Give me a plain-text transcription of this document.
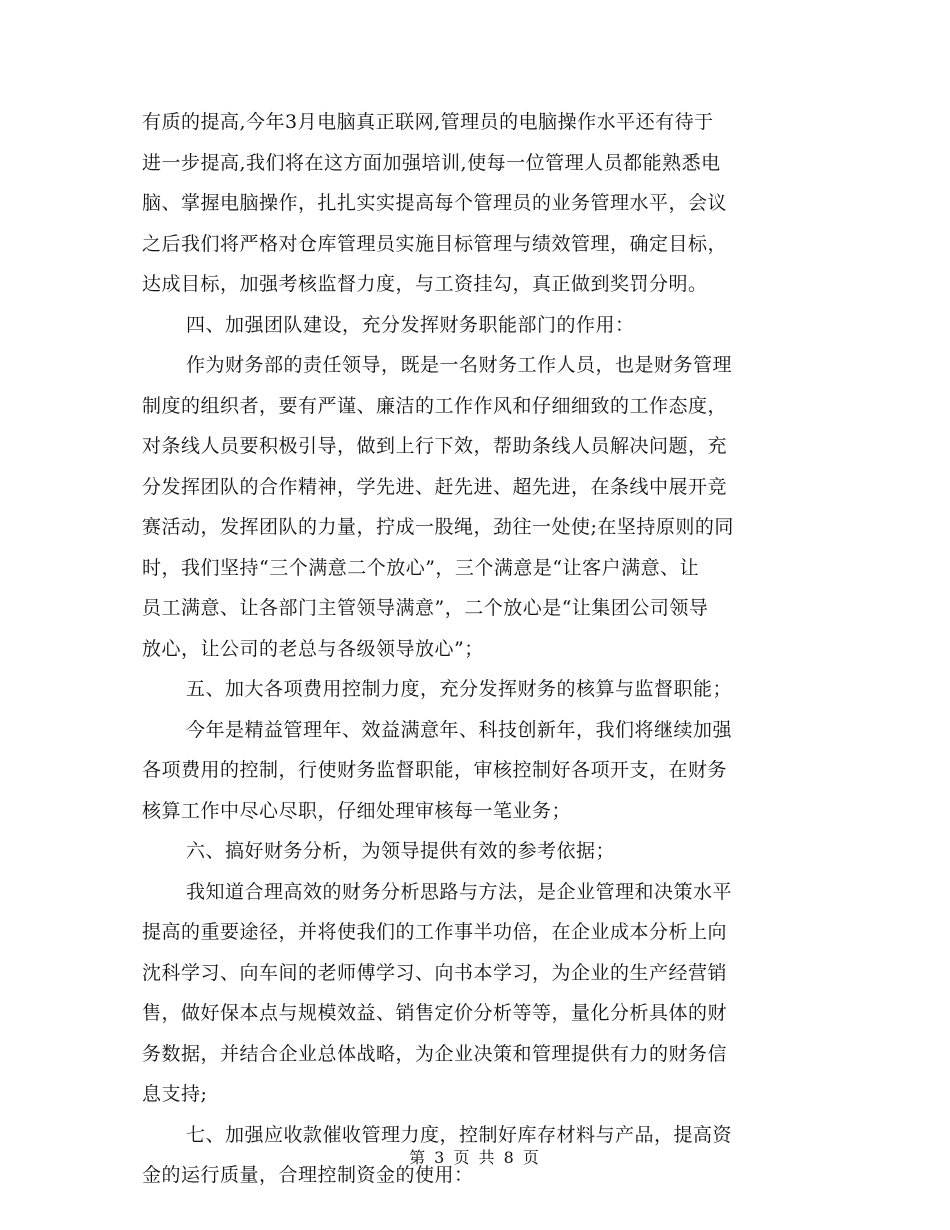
有质的提高,今年3月电脑真正联网,管理员的电脑操作水平还有待于
进一步提高,我们将在这方面加强培训,使每一位管理人员都能熟悉电
脑、掌握电脑操作，扎扎实实提高每个管理员的业务管理水平，会议
之后我们将严格对仓库管理员实施目标管理与绩效管理，确定目标，
达成目标，加强考核监督力度，与工资挂勾，真正做到奖罚分明。
四、加强团队建设，充分发挥财务职能部门的作用：
作为财务部的责任领导，既是一名财务工作人员，也是财务管理
制度的组织者，要有严谨、廉洁的工作作风和仔细细致的工作态度，
对条线人员要积极引导，做到上行下效，帮助条线人员解决问题，充
分发挥团队的合作精神，学先进、赶先进、超先进，在条线中展开竞
赛活动，发挥团队的力量，拧成一股绳，劲往一处使;在坚持原则的同
时，我们坚持“三个满意二个放心”，三个满意是“让客户满意、让
员工满意、让各部门主管领导满意”，二个放心是“让集团公司领导
放心，让公司的老总与各级领导放心”；
五、加大各项费用控制力度，充分发挥财务的核算与监督职能；
今年是精益管理年、效益满意年、科技创新年，我们将继续加强
各项费用的控制，行使财务监督职能，审核控制好各项开支，在财务
核算工作中尽心尽职，仔细处理审核每一笔业务；
六、搞好财务分析，为领导提供有效的参考依据；
我知道合理高效的财务分析思路与方法，是企业管理和决策水平
提高的重要途径，并将使我们的工作事半功倍，在企业成本分析上向
沈科学习、向车间的老师傅学习、向书本学习，为企业的生产经营销
售，做好保本点与规模效益、销售定价分析等等，量化分析具体的财
务数据，并结合企业总体战略，为企业决策和管理提供有力的财务信
息支持;
七、加强应收款催收管理力度，控制好库存材料与产品，提高资
金的运行质量，合理控制资金的使用：
第 3 页 共 8 页
